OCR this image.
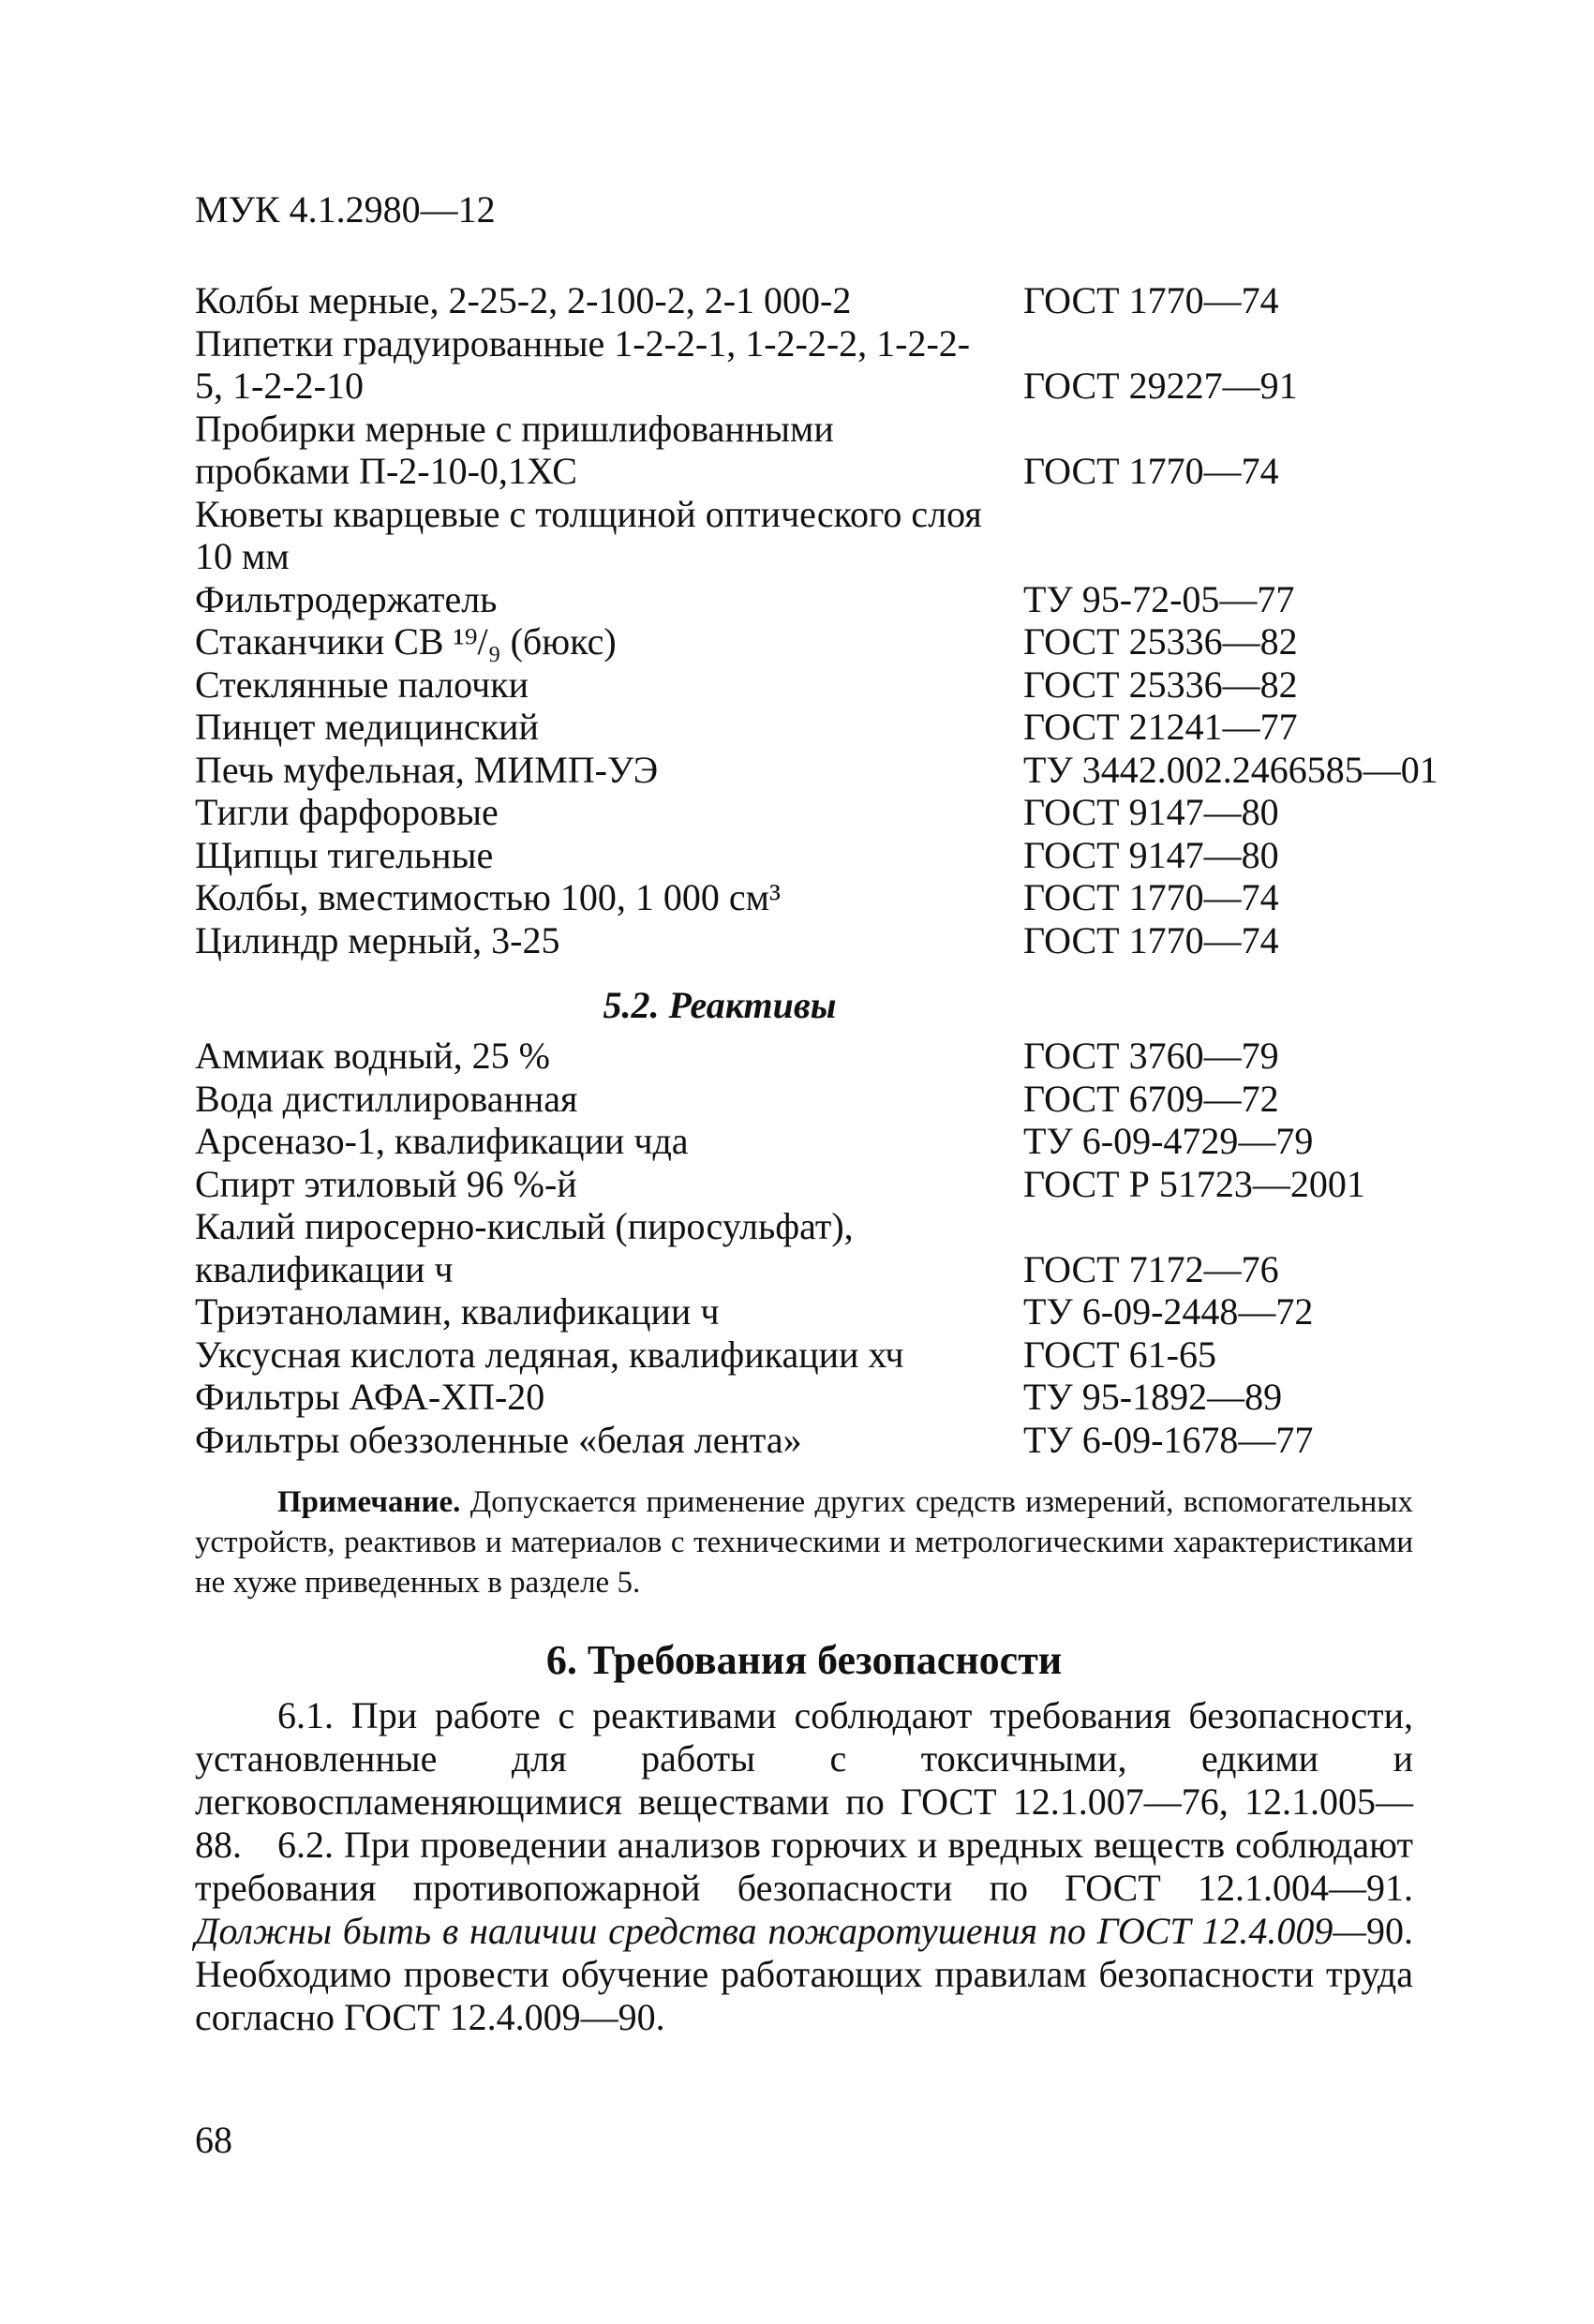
МУК 4.1.2980—12
Колбы мерные, 2-25-2, 2-100-2, 2-1 000-2	ГОСТ 1770—74
Пипетки градуированные 1-2-2-1, 1-2-2-2, 1-2-2-
5, 1-2-2-10	ГОСТ 29227—91
Пробирки мерные с пришлифованными
пробками П-2-10-0,1ХС	ГОСТ 1770—74
Кюветы кварцевые с толщиной оптического слоя
10 мм
Фильтродержатель	ТУ 95-72-05—77
Стаканчики СВ ¹⁹/₉ (бюкс)	ГОСТ 25336—82
Стеклянные палочки	ГОСТ 25336—82
Пинцет медицинский	ГОСТ 21241—77
Печь муфельная, МИМП-УЭ	ТУ 3442.002.2466585—01
Тигли фарфоровые	ГОСТ 9147—80
Щипцы тигельные	ГОСТ 9147—80
Колбы, вместимостью 100, 1 000 см³	ГОСТ 1770—74
Цилиндр мерный, 3-25	ГОСТ 1770—74
5.2. Реактивы
Аммиак водный, 25 %	ГОСТ 3760—79
Вода дистиллированная	ГОСТ 6709—72
Арсеназо-1, квалификации чда	ТУ 6-09-4729—79
Спирт этиловый 96 %-й	ГОСТ Р 51723—2001
Калий пиросерно-кислый (пиросульфат),
квалификации ч	ГОСТ 7172—76
Триэтаноламин, квалификации ч	ТУ 6-09-2448—72
Уксусная кислота ледяная, квалификации хч	ГОСТ 61-65
Фильтры АФА-ХП-20	ТУ 95-1892—89
Фильтры обеззоленные «белая лента»	ТУ 6-09-1678—77
Примечание. Допускается применение других средств измерений, вспомогательных устройств, реактивов и материалов с техническими и метрологическими характеристиками не хуже приведенных в разделе 5.
6. Требования безопасности
6.1. При работе с реактивами соблюдают требования безопасности, установленные для работы с токсичными, едкими и легковоспламеняющимися веществами по ГОСТ 12.1.007—76, 12.1.005—88. 6.2. При проведении анализов горючих и вредных веществ соблюдают требования противопожарной безопасности по ГОСТ 12.1.004—91. Должны быть в наличии средства пожаротушения по ГОСТ 12.4.009—90. Необходимо провести обучение работающих правилам безопасности труда согласно ГОСТ 12.4.009—90.
68
